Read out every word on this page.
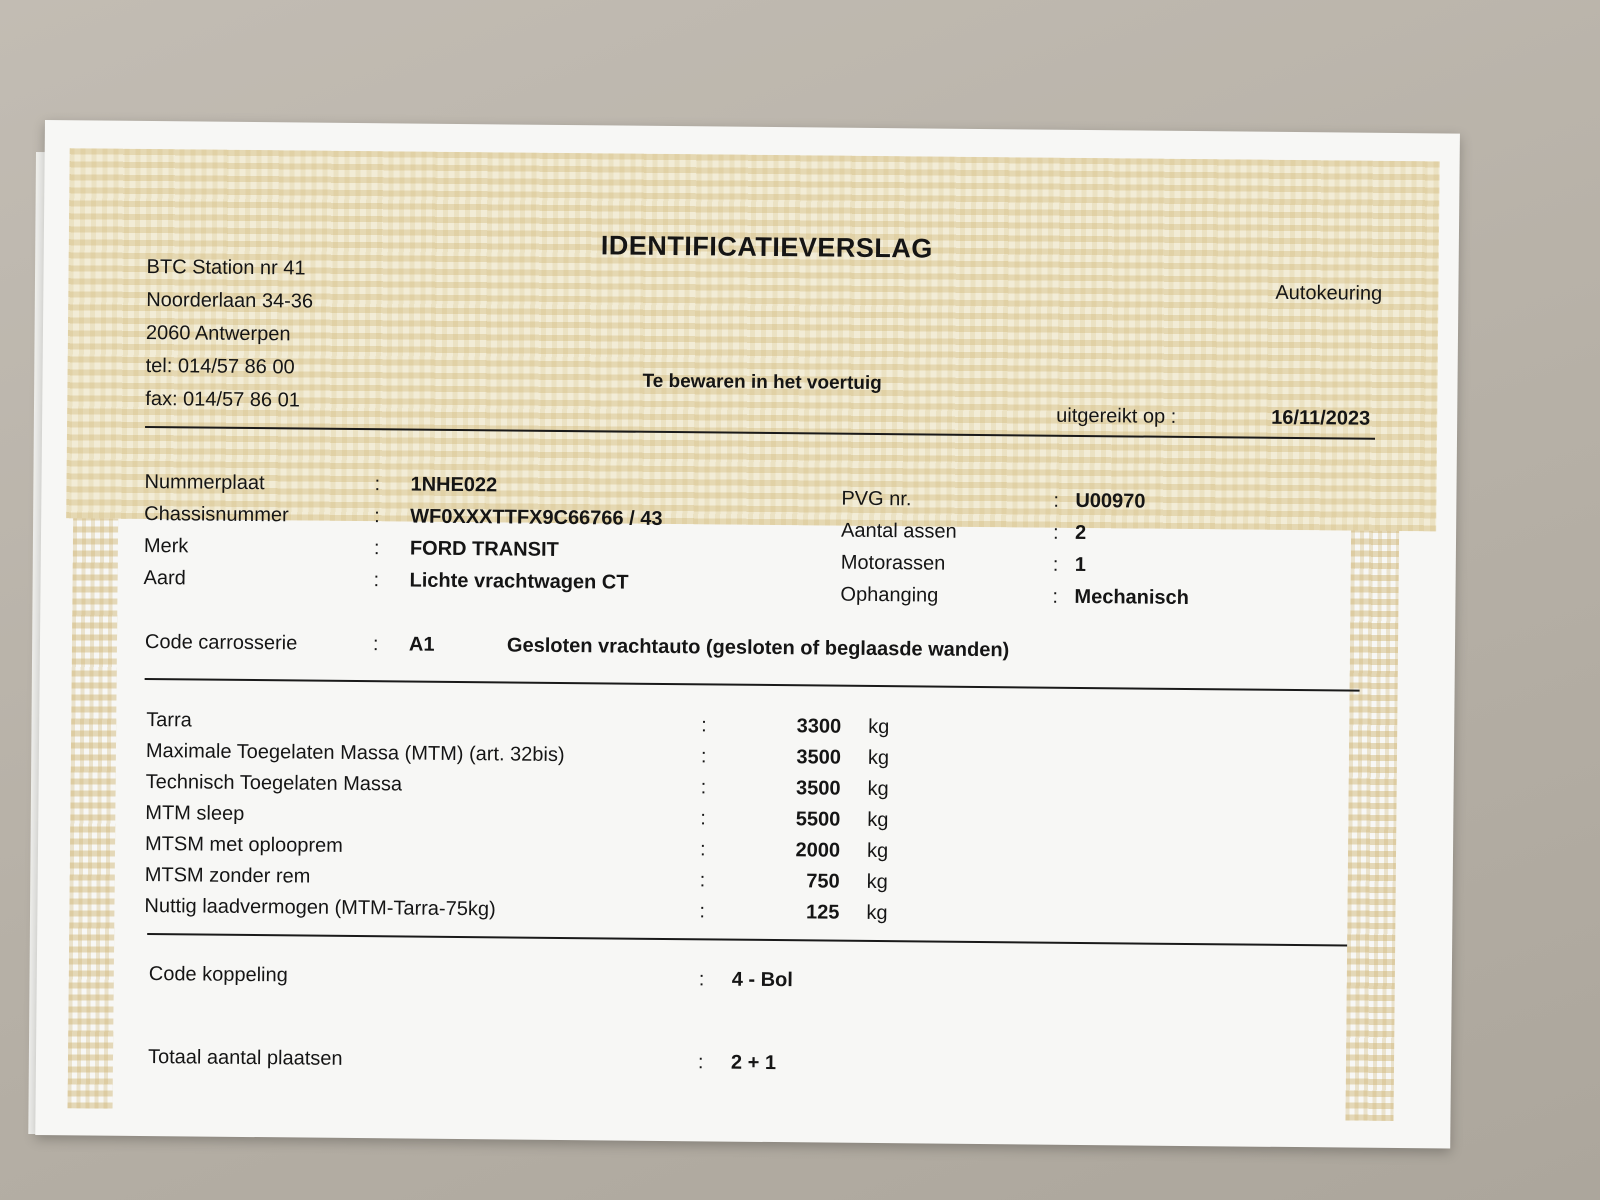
BTC Station nr 41
Noorderlaan 34-36
2060 Antwerpen
tel: 014/57 86 00
fax: 014/57 86 01
IDENTIFICATIEVERSLAG
Autokeuring
Te bewaren in het voertuig
uitgereikt op :	16/11/2023
Nummerplaat	: 1NHE022
Chassisnummer	: WF0XXXTTFX9C66766 / 43
Merk	: FORD TRANSIT
Aard	: Lichte vrachtwagen CT
PVG nr.	: U00970
Aantal assen	: 2
Motorassen	: 1
Ophanging	: Mechanisch
Code carrosserie	: A1	Gesloten vrachtauto (gesloten of beglaasde wanden)
Tarra	:	3300 kg
Maximale Toegelaten Massa (MTM) (art. 32bis)	:	3500 kg
Technisch Toegelaten Massa	:	3500 kg
MTM sleep	:	5500 kg
MTSM met oplooprem	:	2000 kg
MTSM zonder rem	:	750 kg
Nuttig laadvermogen (MTM-Tarra-75kg)	:	125 kg
Code koppeling	: 4 - Bol
Totaal aantal plaatsen	: 2 + 1
